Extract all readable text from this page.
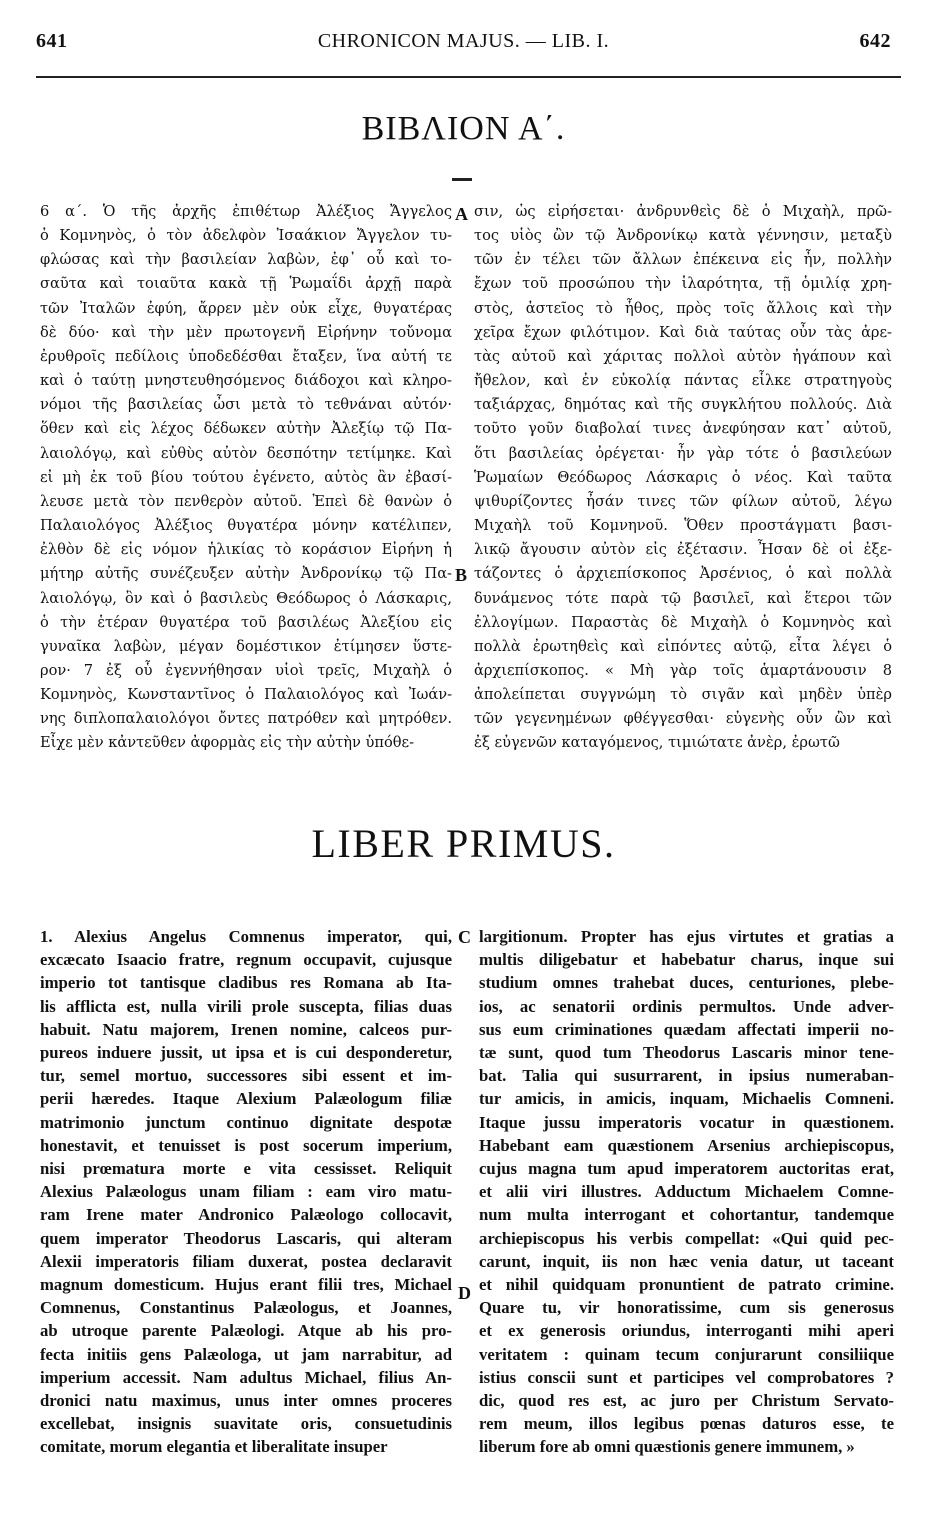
641	CHRONICON MAJUS. — LIB. I.	642
ΒΙΒΛΙΟΝ Α΄.
6 α΄. Ὁ τῆς ἀρχῆς ἐπιθέτωρ Ἀλέξιος Ἄγγελος
ὁ Κομνηνὸς, ὁ τὸν ἀδελφὸν Ἰσαάκιον Ἄγγελον τυ-
φλώσας καὶ τὴν βασιλείαν λαβὼν, ἐφ᾽ οὗ καὶ το-
σαῦτα καὶ τοιαῦτα κακὰ τῇ Ῥωμαΐδι ἀρχῇ παρὰ
τῶν Ἰταλῶν ἐφύη, ἄρρεν μὲν οὐκ εἶχε, θυγατέρας
δὲ δύο· καὶ τὴν μὲν πρωτογενῆ Εἰρήνην τοὔνομα
ἐρυθροῖς πεδίλοις ὑποδεδέσθαι ἔταξεν, ἵνα αὐτή τε
καὶ ὁ ταύτῃ μνηστευθησόμενος διάδοχοι καὶ κληρο-
νόμοι τῆς βασιλείας ὦσι μετὰ τὸ τεθνάναι αὐτόν·
ὅθεν καὶ εἰς λέχος δέδωκεν αὐτὴν Ἀλεξίῳ τῷ Πα-
λαιολόγῳ, καὶ εὐθὺς αὐτὸν δεσπότην τετίμηκε. Καὶ
εἰ μὴ ἐκ τοῦ βίου τούτου ἐγένετο, αὐτὸς ἂν ἐβασί-
λευσε μετὰ τὸν πενθερὸν αὐτοῦ. Ἐπεὶ δὲ θανὼν ὁ
Παλαιολόγος Ἀλέξιος θυγατέρα μόνην κατέλιπεν,
ἐλθὸν δὲ εἰς νόμον ἡλικίας τὸ κοράσιον Εἰρήνη ἡ
μήτηρ αὐτῆς συνέζευξεν αὐτὴν Ἀνδρονίκῳ τῷ Πα-
λαιολόγῳ, ὃν καὶ ὁ βασιλεὺς Θεόδωρος ὁ Λάσκαρις,
ὁ τὴν ἑτέραν θυγατέρα τοῦ βασιλέως Ἀλεξίου εἰς
γυναῖκα λαβὼν, μέγαν δομέστικον ἐτίμησεν ὕστε-
ρον· 7 ἐξ οὗ ἐγεννήθησαν υἱοὶ τρεῖς, Μιχαὴλ ὁ
Κομνηνὸς, Κωνσταντῖνος ὁ Παλαιολόγος καὶ Ἰωάν-
νης διπλοπαλαιολόγοι ὄντες πατρόθεν καὶ μητρόθεν.
Εἶχε μὲν κἀντεῦθεν ἀφορμὰς εἰς τὴν αὐτὴν ὑπόθε-
σιν, ὡς εἰρήσεται· ἀνδρυνθεὶς δὲ ὁ Μιχαὴλ, πρῶ-
τος υἱὸς ὢν τῷ Ἀνδρονίκῳ κατὰ γέννησιν, μεταξὺ
τῶν ἐν τέλει τῶν ἄλλων ἐπέκεινα εἰς ἦν, πολλὴν
ἔχων τοῦ προσώπου τὴν ἱλαρότητα, τῇ ὁμιλίᾳ χρη-
στὸς, ἀστεῖος τὸ ἦθος, πρὸς τοῖς ἄλλοις καὶ τὴν
χεῖρα ἔχων φιλότιμον. Καὶ διὰ ταύτας οὖν τὰς ἀρε-
τὰς αὐτοῦ καὶ χάριτας πολλοὶ αὐτὸν ἠγάπουν καὶ
ἤθελον, καὶ ἐν εὐκολίᾳ πάντας εἷλκε στρατηγοὺς
ταξιάρχας, δημότας καὶ τῆς συγκλήτου πολλούς. Διὰ
τοῦτο γοῦν διαβολαί τινες ἀνεφύησαν κατ᾽ αὐτοῦ,
ὅτι βασιλείας ὀρέγεται· ἦν γὰρ τότε ὁ βασιλεύων
Ῥωμαίων Θεόδωρος Λάσκαρις ὁ νέος. Καὶ ταῦτα
ψιθυρίζοντες ἦσάν τινες τῶν φίλων αὐτοῦ, λέγω
Μιχαὴλ τοῦ Κομνηνοῦ. Ὅθεν προστάγματι βασι-
λικῷ ἄγουσιν αὐτὸν εἰς ἐξέτασιν. Ἦσαν δὲ οἱ ἐξε-
τάζοντες ὁ ἀρχιεπίσκοπος Ἀρσένιος, ὁ καὶ πολλὰ
δυνάμενος τότε παρὰ τῷ βασιλεῖ, καὶ ἕτεροι τῶν
ἐλλογίμων. Παραστὰς δὲ Μιχαὴλ ὁ Κομνηνὸς καὶ
πολλὰ ἐρωτηθεὶς καὶ εἰπόντες αὐτῷ, εἶτα λέγει ὁ
ἀρχιεπίσκοπος. « Μὴ γὰρ τοῖς ἁμαρτάνουσιν 8
ἀπολείπεται συγγνώμη τὸ σιγᾶν καὶ μηδὲν ὑπὲρ
τῶν γεγενημένων φθέγγεσθαι· εὐγενὴς οὖν ὢν καὶ
ἐξ εὐγενῶν καταγόμενος, τιμιώτατε ἀνὲρ, ἐρωτῶ
A
B
LIBER PRIMUS.
1. Alexius Angelus Comnenus imperator, qui,
excæcato Isaacio fratre, regnum occupavit, cujusque
imperio tot tantisque cladibus res Romana ab Ita-
lis afflicta est, nulla virili prole suscepta, filias duas
habuit. Natu majorem, Irenen nomine, calceos pur-
pureos induere jussit, ut ipsa et is cui desponderetur,
tur, semel mortuo, successores sibi essent et im-
perii hæredes. Itaque Alexium Palæologum filiæ
matrimonio junctum continuo dignitate despotæ
honestavit, et tenuisset is post socerum imperium,
nisi prœmatura morte e vita cessisset. Reliquit
Alexius Palæologus unam filiam : eam viro matu-
ram Irene mater Andronico Palæologo collocavit,
quem imperator Theodorus Lascaris, qui alteram
Alexii imperatoris filiam duxerat, postea declaravit
magnum domesticum. Hujus erant filii tres, Michael
Comnenus, Constantinus Palæologus, et Joannes,
ab utroque parente Palæologi. Atque ab his pro-
fecta initiis gens Palæologa, ut jam narrabitur, ad
imperium accessit. Nam adultus Michael, filius An-
dronici natu maximus, unus inter omnes proceres
excellebat, insignis suavitate oris, consuetudinis
comitate, morum elegantia et liberalitate insuper
largitionum. Propter has ejus virtutes et gratias a
multis diligebatur et habebatur charus, inque sui
studium omnes trahebat duces, centuriones, plebe-
ios, ac senatorii ordinis permultos. Unde adver-
sus eum criminationes quædam affectati imperii no-
tæ sunt, quod tum Theodorus Lascaris minor tene-
bat. Talia qui susurrarent, in ipsius numeraban-
tur amicis, in amicis, inquam, Michaelis Comneni.
Itaque jussu imperatoris vocatur in quæstionem.
Habebant eam quæstionem Arsenius archiepiscopus,
cujus magna tum apud imperatorem auctoritas erat,
et alii viri illustres. Adductum Michaelem Comne-
num multa interrogant et cohortantur, tandemque
archiepiscopus his verbis compellat: «Qui quid pec-
carunt, inquit, iis non hæc venia datur, ut taceant
et nihil quidquam pronuntient de patrato crimine.
Quare tu, vir honoratissime, cum sis generosus
et ex generosis oriundus, interroganti mihi aperi
veritatem : quinam tecum conjurarunt consiliique
istius conscii sunt et participes vel comprobatores ?
dic, quod res est, ac juro per Christum Servato-
rem meum, illos legibus pœnas daturos esse, te
liberum fore ab omni quæstionis genere immunem, »
C
D
